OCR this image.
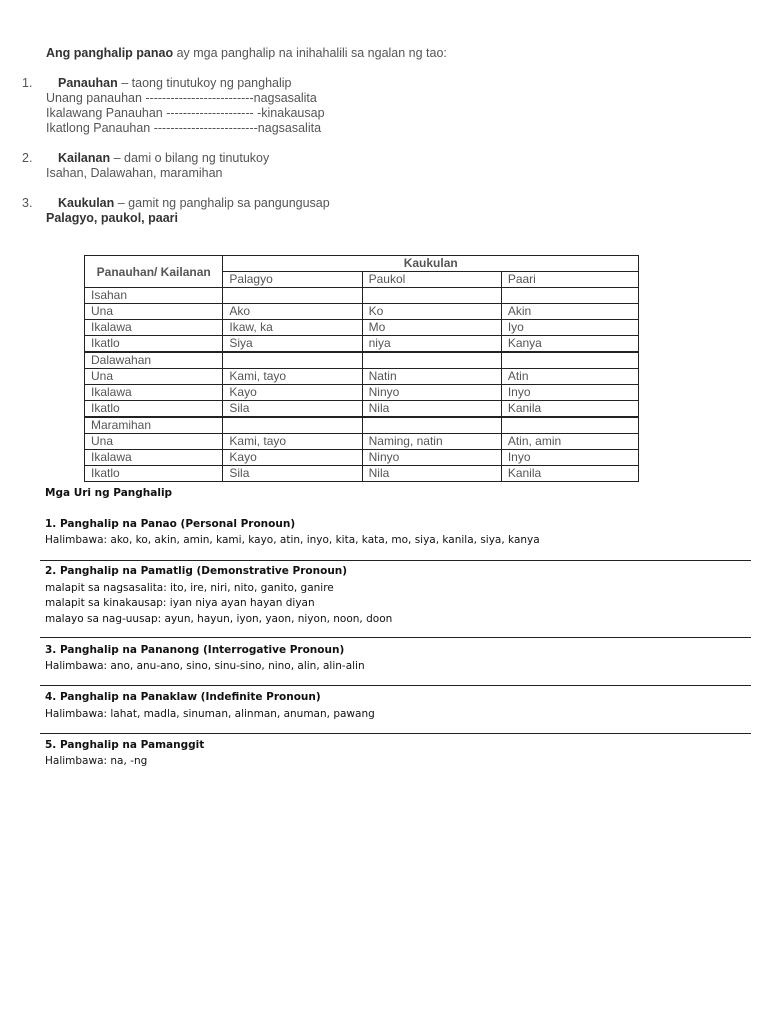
Ang panghalip panao ay mga panghalip na inihahalili sa ngalan ng tao:
1. Panauhan – taong tinutukoy ng panghalip
Unang panauhan --------------------------nagsasalita
Ikalawang Panauhan --------------------- -kinakausap
Ikatlong Panauhan -------------------------nagsasalita
2. Kailanan – dami o bilang ng tinutukoy
Isahan, Dalawahan, maramihan
3. Kaukulan – gamit ng panghalip sa pangungusap
Palagyo, paukol, paari
Panauhan/ Kailanan	Kaukulan		
	Palagyo	Paukol	Paari
Isahan			
Una	Ako	Ko	Akin
Ikalawa	Ikaw, ka	Mo	Iyo
Ikatlo	Siya	niya	Kanya
Dalawahan			
Una	Kami, tayo	Natin	Atin
Ikalawa	Kayo	Ninyo	Inyo
Ikatlo	Sila	Nila	Kanila
Maramihan			
Una	Kami, tayo	Naming, natin	Atin, amin
Ikalawa	Kayo	Ninyo	Inyo
Ikatlo	Sila	Nila	Kanila
Mga Uri ng Panghalip
1. Panghalip na Panao (Personal Pronoun)
Halimbawa: ako, ko, akin, amin, kami, kayo, atin, inyo, kita, kata, mo, siya, kanila, siya, kanya
2. Panghalip na Pamatlig (Demonstrative Pronoun)
malapit sa nagsasalita: ito, ire, niri, nito, ganito, ganire
malapit sa kinakausap: iyan niya ayan hayan diyan
malayo sa nag-uusap: ayun, hayun, iyon, yaon, niyon, noon, doon
3. Panghalip na Pananong (Interrogative Pronoun)
Halimbawa: ano, anu-ano, sino, sinu-sino, nino, alin, alin-alin
4. Panghalip na Panaklaw (Indefinite Pronoun)
Halimbawa: lahat, madla, sinuman, alinman, anuman, pawang
5. Panghalip na Pamanggit
Halimbawa: na, -ng
